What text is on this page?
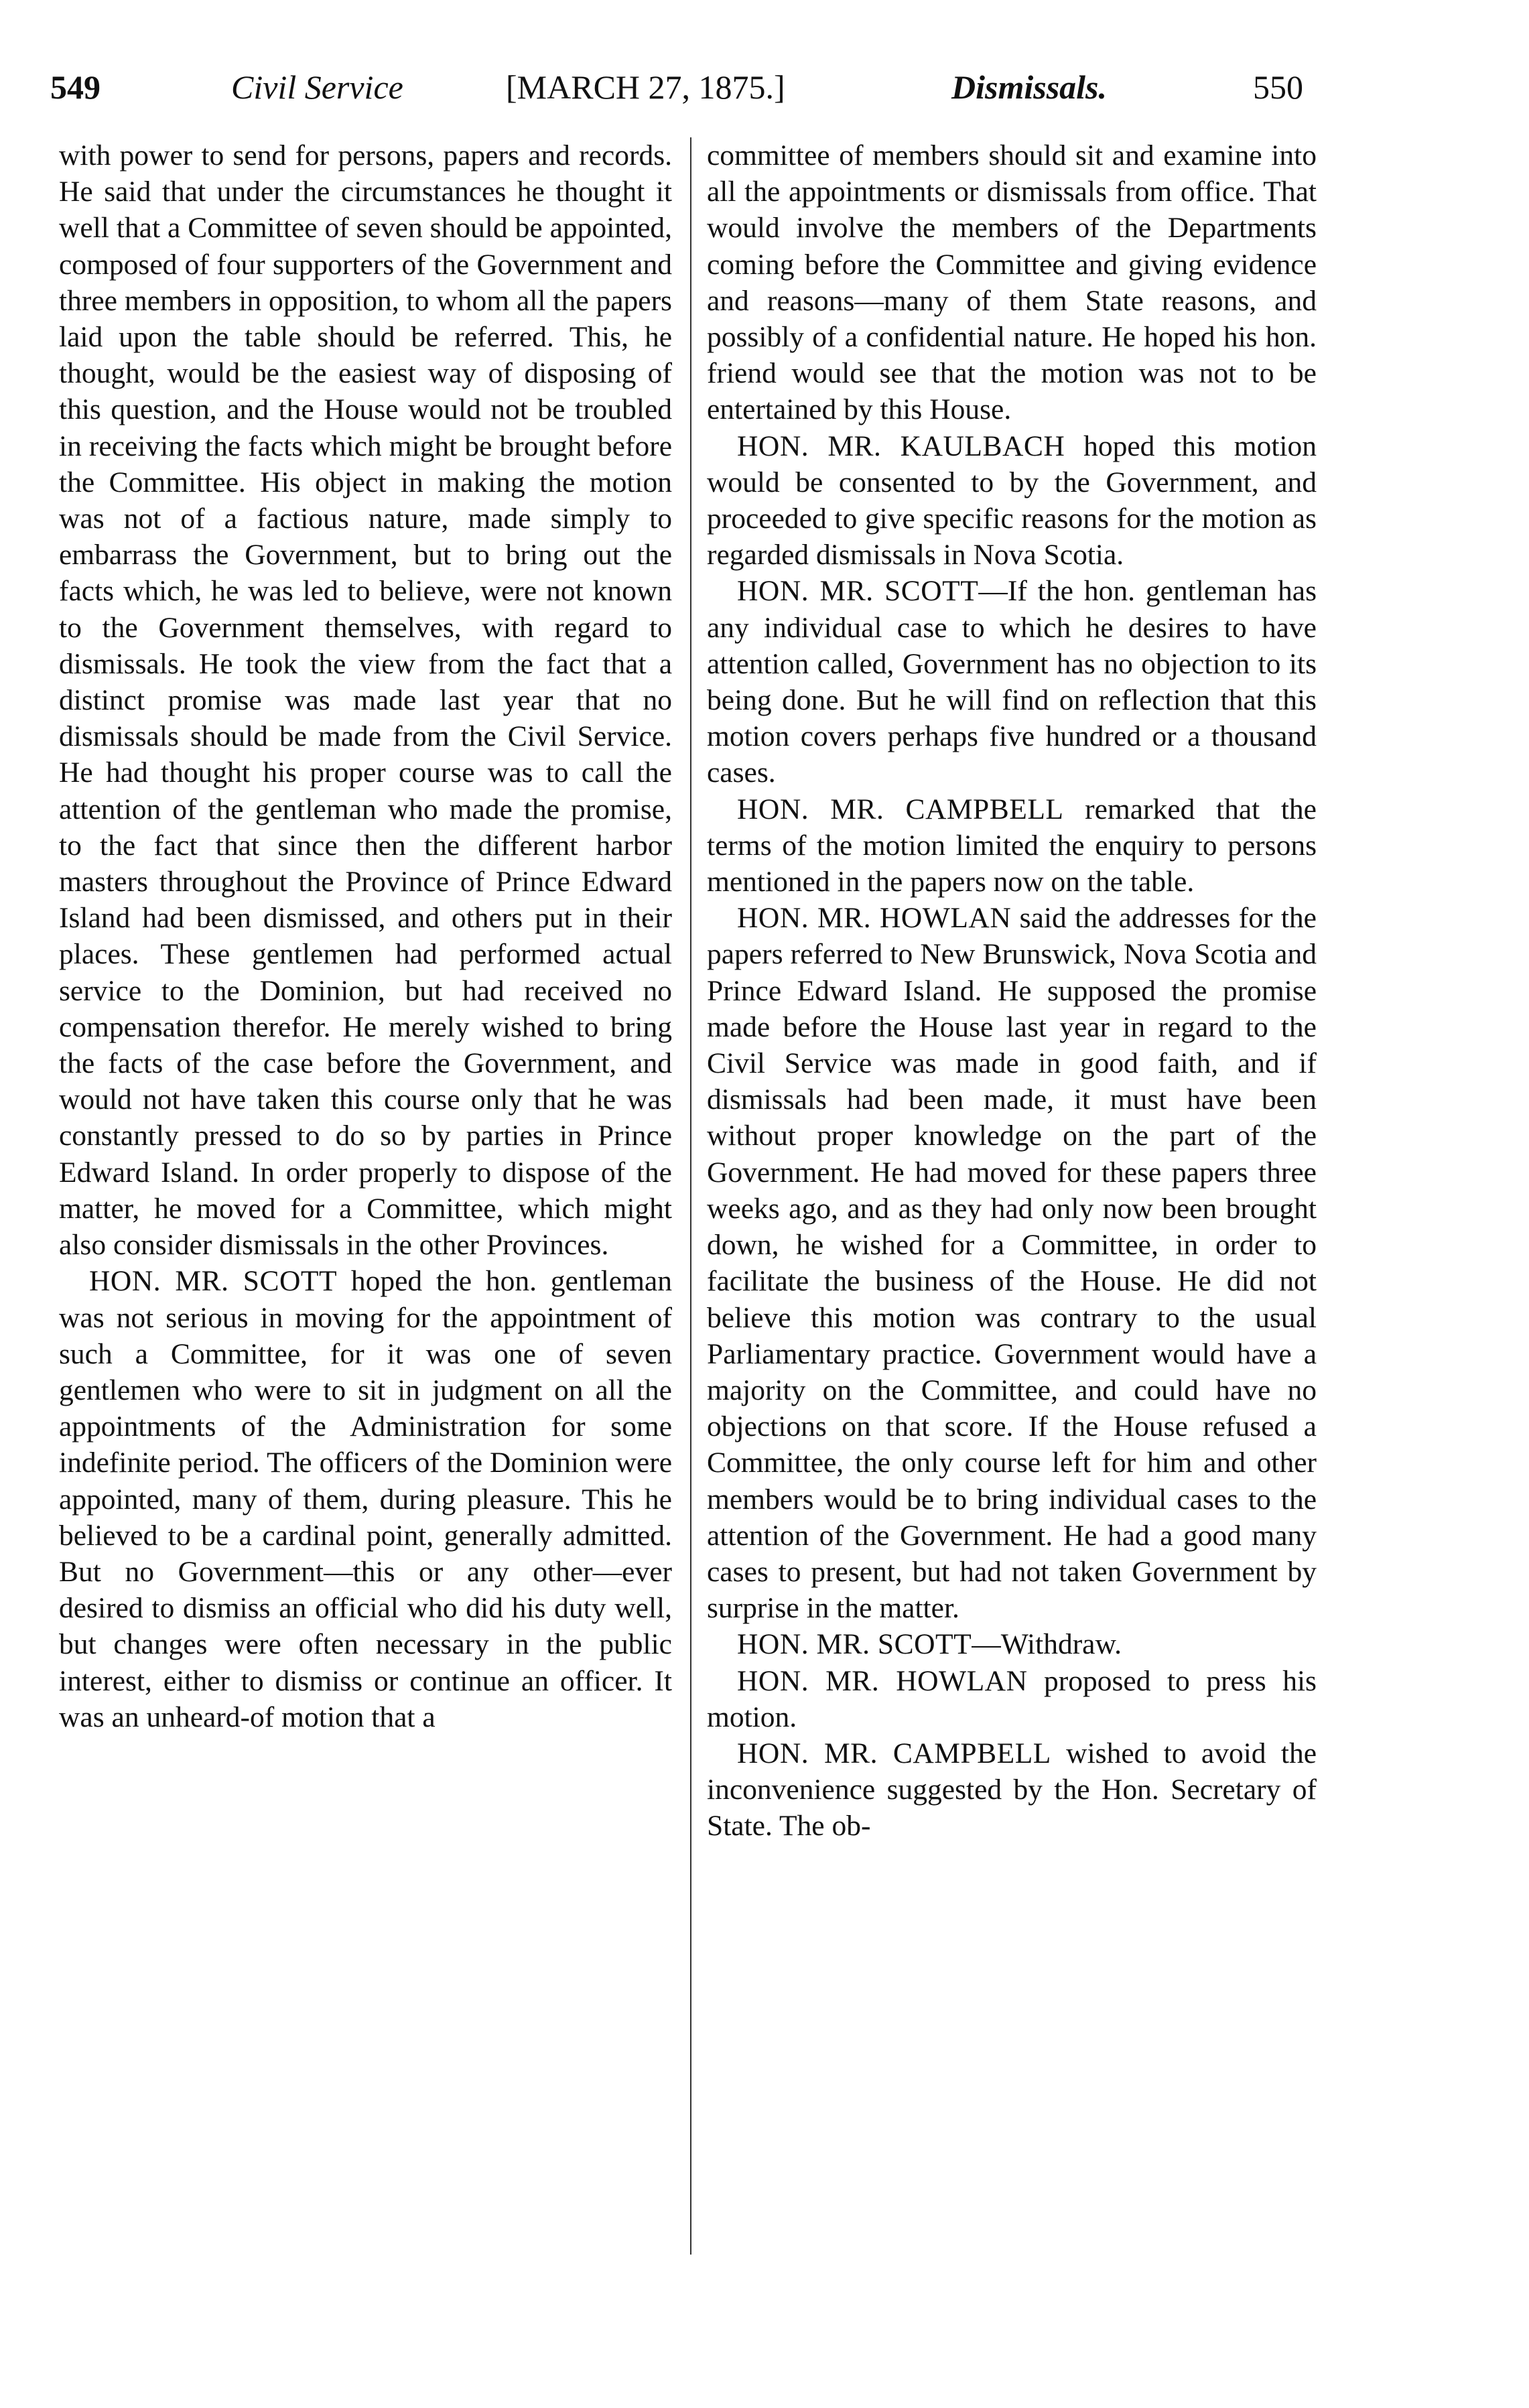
549	Civil Service	[MARCH 27, 1875.]	Dismissals.	550

with power to send for persons, papers and records. He said that under the circumstances he thought it well that a Committee of seven should be appointed, composed of four supporters of the Government and three members in opposition, to whom all the papers laid upon the table should be referred. This, he thought, would be the easiest way of disposing of this question, and the House would not be troubled in receiving the facts which might be brought before the Committee. His object in making the motion was not of a factious nature, made simply to embarrass the Government, but to bring out the facts which, he was led to believe, were not known to the Government themselves, with regard to dismissals. He took the view from the fact that a distinct promise was made last year that no dismissals should be made from the Civil Service. He had thought his proper course was to call the attention of the gentleman who made the promise, to the fact that since then the different harbor masters throughout the Province of Prince Edward Island had been dismissed, and others put in their places. These gentlemen had performed actual service to the Dominion, but had received no compensation therefor. He merely wished to bring the facts of the case before the Government, and would not have taken this course only that he was constantly pressed to do so by parties in Prince Edward Island. In order properly to dispose of the matter, he moved for a Committee, which might also consider dismissals in the other Provinces.

HON. MR. SCOTT hoped the hon. gentleman was not serious in moving for the appointment of such a Committee, for it was one of seven gentlemen who were to sit in judgment on all the appointments of the Administration for some indefinite period. The officers of the Dominion were appointed, many of them, during pleasure. This he believed to be a cardinal point, generally admitted. But no Government—this or any other—ever desired to dismiss an official who did his duty well, but changes were often necessary in the public interest, either to dismiss or continue an officer. It was an unheard-of motion that a

committee of members should sit and examine into all the appointments or dismissals from office. That would involve the members of the Departments coming before the Committee and giving evidence and reasons—many of them State reasons, and possibly of a confidential nature. He hoped his hon. friend would see that the motion was not to be entertained by this House.

HON. MR. KAULBACH hoped this motion would be consented to by the Government, and proceeded to give specific reasons for the motion as regarded dismissals in Nova Scotia.

HON. MR. SCOTT—If the hon. gentleman has any individual case to which he desires to have attention called, Government has no objection to its being done. But he will find on reflection that this motion covers perhaps five hundred or a thousand cases.

HON. MR. CAMPBELL remarked that the terms of the motion limited the enquiry to persons mentioned in the papers now on the table.

HON. MR. HOWLAN said the addresses for the papers referred to New Brunswick, Nova Scotia and Prince Edward Island. He supposed the promise made before the House last year in regard to the Civil Service was made in good faith, and if dismissals had been made, it must have been without proper knowledge on the part of the Government. He had moved for these papers three weeks ago, and as they had only now been brought down, he wished for a Committee, in order to facilitate the business of the House. He did not believe this motion was contrary to the usual Parliamentary practice. Government would have a majority on the Committee, and could have no objections on that score. If the House refused a Committee, the only course left for him and other members would be to bring individual cases to the attention of the Government. He had a good many cases to present, but had not taken Government by surprise in the matter.

HON. MR. SCOTT—Withdraw.

HON. MR. HOWLAN proposed to press his motion.

HON. MR. CAMPBELL wished to avoid the inconvenience suggested by the Hon. Secretary of State. The ob-
